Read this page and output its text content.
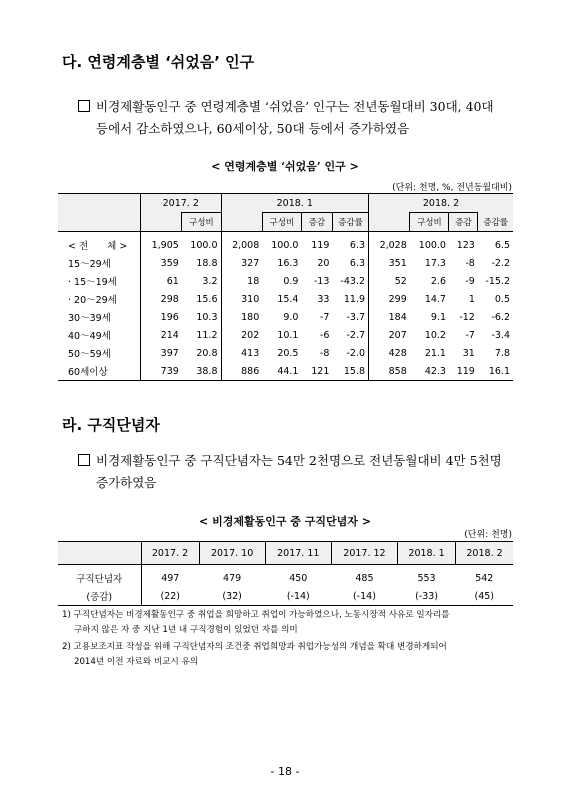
다. 연령계층별 ‘쉬었음’ 인구
비경제활동인구 중 연령계층별 ‘쉬었음’ 인구는 전년동월대비 30대, 40대
등에서 감소하였으나, 60세이상, 50대 등에서 증가하였음
< 연령계층별 ‘쉬었음’ 인구 >
(단위: 천명, %, 전년동월대비)
	2017. 2		2018. 1				2018. 2			
		구성비		구성비	증감	증감률		구성비	증감	증감률
< 전　　체 >	1,905	100.0	2,008	100.0	119	6.3	2,028	100.0	123	6.5
15～29세	359	18.8	327	16.3	20	6.3	351	17.3	-8	-2.2
· 15～19세	61	3.2	18	0.9	-13	-43.2	52	2.6	-9	-15.2
· 20～29세	298	15.6	310	15.4	33	11.9	299	14.7	1	0.5
30～39세	196	10.3	180	9.0	-7	-3.7	184	9.1	-12	-6.2
40～49세	214	11.2	202	10.1	-6	-2.7	207	10.2	-7	-3.4
50～59세	397	20.8	413	20.5	-8	-2.0	428	21.1	31	7.8
60세이상	739	38.8	886	44.1	121	15.8	858	42.3	119	16.1
라. 구직단념자
비경제활동인구 중 구직단념자는 54만 2천명으로 전년동월대비 4만 5천명
증가하였음
< 비경제활동인구 중 구직단념자 >
(단위: 천명)
	2017. 2	2017. 10	2017. 11	2017. 12	2018. 1	2018. 2
구직단념자	497	479	450	485	553	542
(증감)	(22)	(32)	(-14)	(-14)	(-33)	(45)
1) 구직단념자는 비경제활동인구 중 취업을 희망하고 취업이 가능하였으나, 노동시장적 사유로 일자리를
구하지 않은 자 중 지난 1년 내 구직경험이 있었던 자를 의미
2) 고용보조지표 작성을 위해 구직단념자의 조건중 취업희망과 취업가능성의 개념을 확대 변경하게되어
2014년 이전 자료와 비교시 유의
- 18 -
